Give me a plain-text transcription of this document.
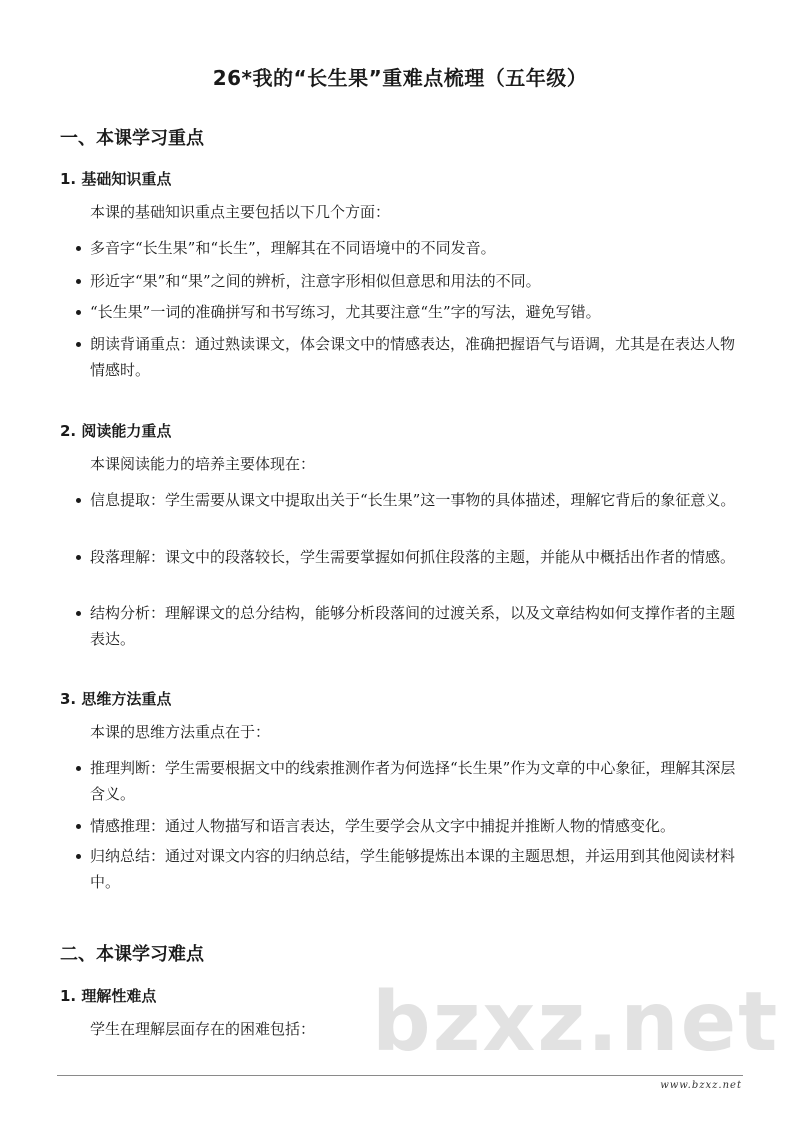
26*我的“长生果”重难点梳理（五年级）
一、本课学习重点
1. 基础知识重点
本课的基础知识重点主要包括以下几个方面：
多音字“长生果”和“长生”，理解其在不同语境中的不同发音。
形近字“果”和“果”之间的辨析，注意字形相似但意思和用法的不同。
“长生果”一词的准确拼写和书写练习，尤其要注意“生”字的写法，避免写错。
朗读背诵重点：通过熟读课文，体会课文中的情感表达，准确把握语气与语调，尤其是在表达人物情感时。
2. 阅读能力重点
本课阅读能力的培养主要体现在：
信息提取：学生需要从课文中提取出关于“长生果”这一事物的具体描述，理解它背后的象征意义。
段落理解：课文中的段落较长，学生需要掌握如何抓住段落的主题，并能从中概括出作者的情感。
结构分析：理解课文的总分结构，能够分析段落间的过渡关系，以及文章结构如何支撑作者的主题表达。
3. 思维方法重点
本课的思维方法重点在于：
推理判断：学生需要根据文中的线索推测作者为何选择“长生果”作为文章的中心象征，理解其深层含义。
情感推理：通过人物描写和语言表达，学生要学会从文字中捕捉并推断人物的情感变化。
归纳总结：通过对课文内容的归纳总结，学生能够提炼出本课的主题思想，并运用到其他阅读材料中。
二、本课学习难点
1. 理解性难点
学生在理解层面存在的困难包括： bzxz.net
www.bzxz.net
